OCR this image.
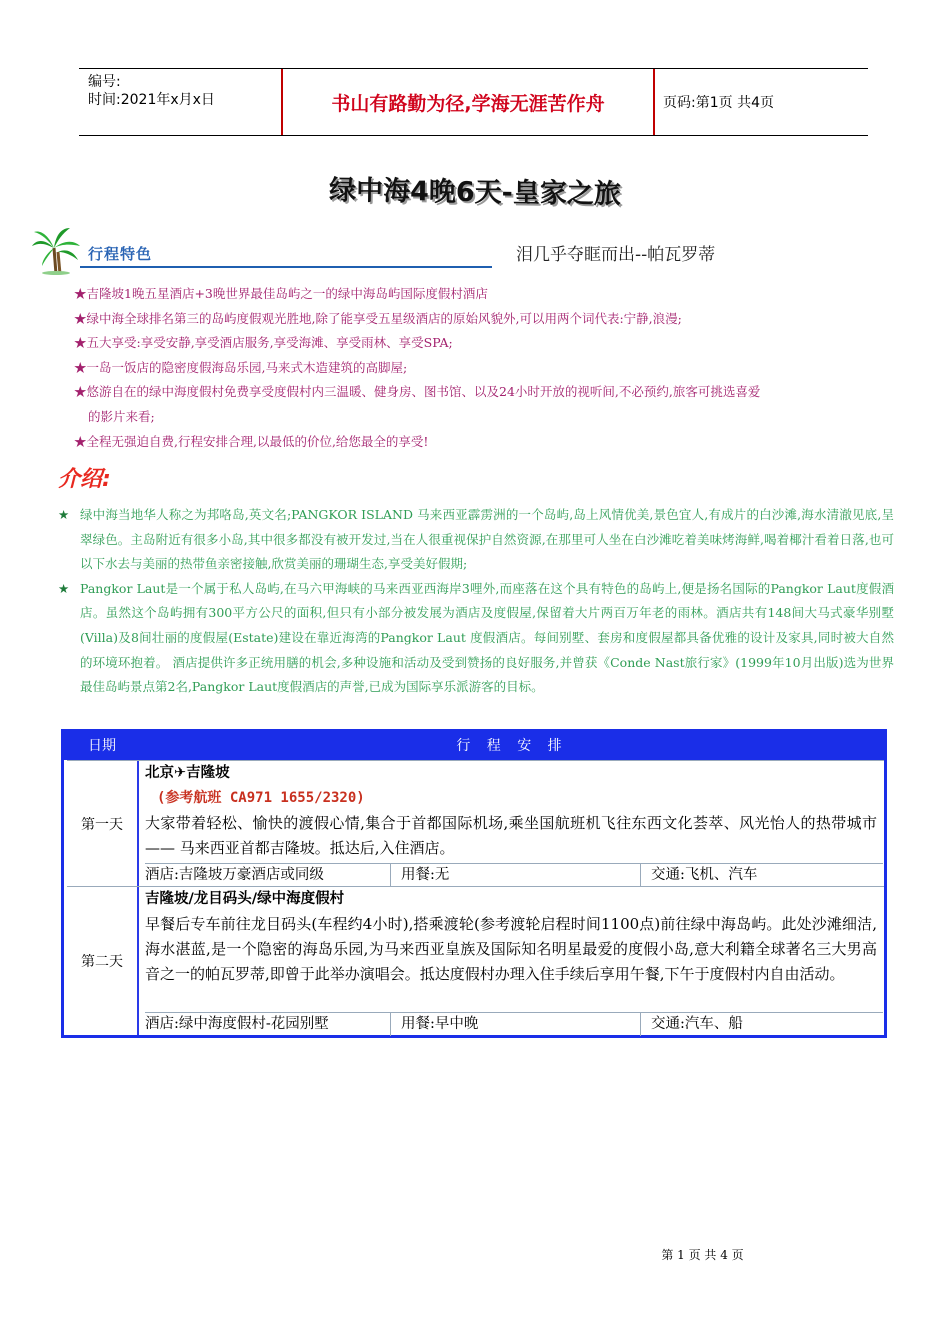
编号:
时间:2021年x月x日	书山有路勤为径,学海无涯苦作舟	页码:第1页 共4页
绿中海4晚6天-皇家之旅
行程特色	泪几乎夺眶而出--帕瓦罗蒂
★吉隆坡1晚五星酒店+3晚世界最佳岛屿之一的绿中海岛屿国际度假村酒店
★绿中海全球排名第三的岛屿度假观光胜地,除了能享受五星级酒店的原始风貌外,可以用两个词代表:宁静,浪漫;
★五大享受:享受安静,享受酒店服务,享受海滩、享受雨林、享受SPA;
★一岛一饭店的隐密度假海岛乐园,马来式木造建筑的高脚屋;
★悠游自在的绿中海度假村免费享受度假村内三温暖、健身房、图书馆、以及24小时开放的视听间,不必预约,旅客可挑选喜爱
的影片来看;
★全程无强迫自费,行程安排合理,以最低的价位,给您最全的享受!
介绍:
★ 绿中海当地华人称之为邦咯岛,英文名;PANGKOR ISLAND 马来西亚霹雳洲的一个岛屿,岛上风情优美,景色宜人,有成片的白沙滩,海水清澈见底,呈翠绿色。主岛附近有很多小岛,其中很多都没有被开发过,当在人很重视保护自然资源,在那里可人坐在白沙滩吃着美味烤海鲜,喝着椰汁看着日落,也可以下水去与美丽的热带鱼亲密接触,欣赏美丽的珊瑚生态,享受美好假期;
★ Pangkor Laut是一个属于私人岛屿,在马六甲海峡的马来西亚西海岸3哩外,而座落在这个具有特色的岛屿上,便是扬名国际的Pangkor Laut度假酒店。虽然这个岛屿拥有300平方公尺的面积,但只有小部分被发展为酒店及度假屋,保留着大片两百万年老的雨林。酒店共有148间大马式豪华别墅(Villa)及8间壮丽的度假屋(Estate)建设在靠近海湾的Pangkor Laut 度假酒店。每间别墅、套房和度假屋都具备优雅的设计及家具,同时被大自然的环境环抱着。 酒店提供许多正统用膳的机会,多种设施和活动及受到赞扬的良好服务,并曾获《Conde Nast旅行家》(1999年10月出版)选为世界最佳岛屿景点第2名,Pangkor Laut度假酒店的声誉,已成为国际享乐派游客的目标。
日期	行 程 安 排
第一天
北京✈吉隆坡
(参考航班 CA971 1655/2320)
大家带着轻松、愉快的渡假心情,集合于首都国际机场,乘坐国航班机飞往东西文化荟萃、风光怡人的热带城市—— 马来西亚首都吉隆坡。抵达后,入住酒店。
酒店:吉隆坡万豪酒店或同级	用餐:无	交通:飞机、汽车
第二天
吉隆坡/龙目码头/绿中海度假村
早餐后专车前往龙目码头(车程约4小时),搭乘渡轮(参考渡轮启程时间1100点)前往绿中海岛屿。此处沙滩细洁,海水湛蓝,是一个隐密的海岛乐园,为马来西亚皇族及国际知名明星最爱的度假小岛,意大利籍全球著名三大男高音之一的帕瓦罗蒂,即曾于此举办演唱会。抵达度假村办理入住手续后享用午餐,下午于度假村内自由活动。
酒店:绿中海度假村-花园别墅	用餐:早中晚	交通:汽车、船
第 1 页 共 4 页
